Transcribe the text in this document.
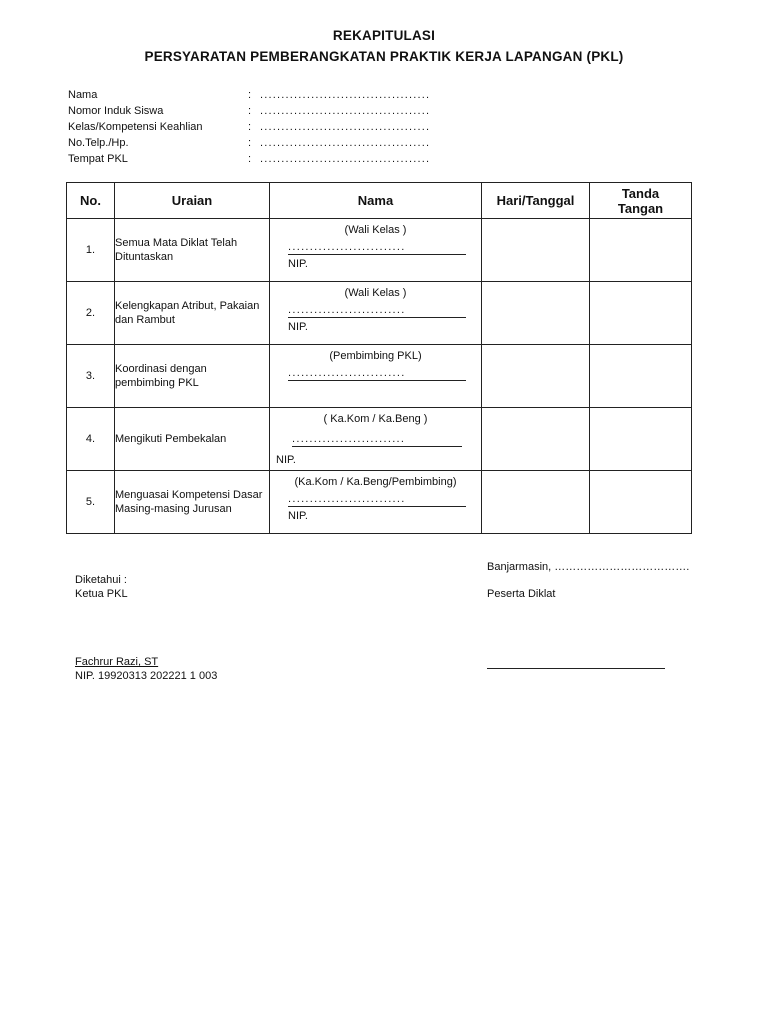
REKAPITULASI
PERSYARATAN PEMBERANGKATAN PRAKTIK KERJA LAPANGAN (PKL)
Nama	: ........................................
Nomor Induk Siswa	: ........................................
Kelas/Kompetensi Keahlian	: ........................................
No.Telp./Hp.	: ........................................
Tempat PKL	: ........................................
No.	Uraian	Nama	Hari/Tanggal	Tanda
Tangan
1.	Semua Mata Diklat Telah Dituntaskan	(Wali Kelas )
...........................
NIP.		

2.	Kelengkapan Atribut, Pakaian dan Rambut	(Wali Kelas )
...........................
NIP.		

3.	Koordinasi dengan pembimbing PKL	(Pembimbing PKL)
...........................		

4.	Mengikuti Pembekalan	( Ka.Kom / Ka.Beng )
..........................
NIP.		

5.	Menguasai Kompetensi Dasar Masing-masing Jurusan	(Ka.Kom / Ka.Beng/Pembimbing)
...........................
NIP.		

Banjarmasin, ……………………………….
Diketahui :
Ketua PKL	Peserta Diklat
Fachrur Razi, ST
NIP. 19920313 202221 1 003
